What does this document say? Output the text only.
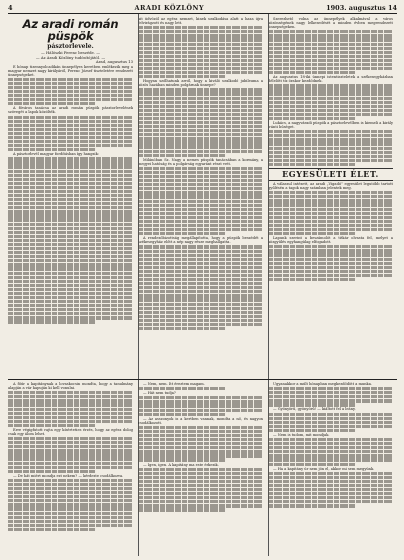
4	ARADI KÖZLÖNY	1903. augusztus 14
Az aradi román püspök
pásztorlevele.
— Hálószki Ferenc beszéde. —
— Az Aradi Közlöny tudósítójától. —
Arad, augusztus 13

E hónap tizennyolcadikán ünnepélyes keretben emlékezik meg a magyar nemzet nagy királyáról, Ferenc József tiszteletére rendezett ünnepségeket.

A főváros tanácsa az aradi román püspök pásztorlevelének szövegét a lapok közölték.

A pásztorlevél magyar fordításban így hangzik:

kit üdvözöl az egész nemzet, kinek uralkodása alatt a haza újra felvirágzott és nagy lett.

Hogyan szólhatunk arról, hogy a kiváló uralkodó jubileuma a közös hazában minden polgárnak ünnepe?

Milánóban Sz. Nagy a nemes püspök tanácsában a kormány, a megyei hatóság és a polgárság egyaránt részt vett.

A rendezőbizottság megállapította, hogy a püspök beszédét a székesegyház előtt a nép nagy része meghallgatta.

Szerezhető volna az ünnepélyek alkalmával a város közönségének nagy lelkesedését a minden évben megrendezett ünnepségeken.

Az augusztus 18-iki ünnepi istentiszteletek a székesegyházban délelőtt tíz órakor kezdődnek.

Lukács, a nagyváradi püspök a pásztorlevélben is kiemeli a király iránti hűséget.

EGYESÜLETI ÉLET.

A válaszul intézett, az aradi „Vigadó” egyesület legutóbb tartott gyűlésén a tagok nagy számban jelentek meg.

Lapunk szerint a beszámolót a titkár olvasta fel, melyet a közgyűlés egyhangúlag elfogadott.

A főúr a kapitánynak a lovaskocsin mondta, hogy a tanulmány alapján a vár kapuján ki kell vonulni.

Erre végigfutott rajta egy kísérteties érzés, hogy az egész dolog csak egy álom lehet.

— De hát miért mondja ezt nekem? — kérdezte csodálkozva.

— Nem, nem. Itt éreztem magam.

— Hát nem tudja?

— Az asszonyok is a kertben vannak, mondta a nő, és nagyon csodálkozott.

— Igen, igen. A kapitány ma este érkezik.

Ugyanakkor a múlt hónapban megkezdődött a munka.

— Gyönyörű, gyönyörű! — kiáltott fel a leány.

— Nem is tudom, mit mondjak.

— Ha a kapitány úr nem jön el, akkor mi sem megyünk.
